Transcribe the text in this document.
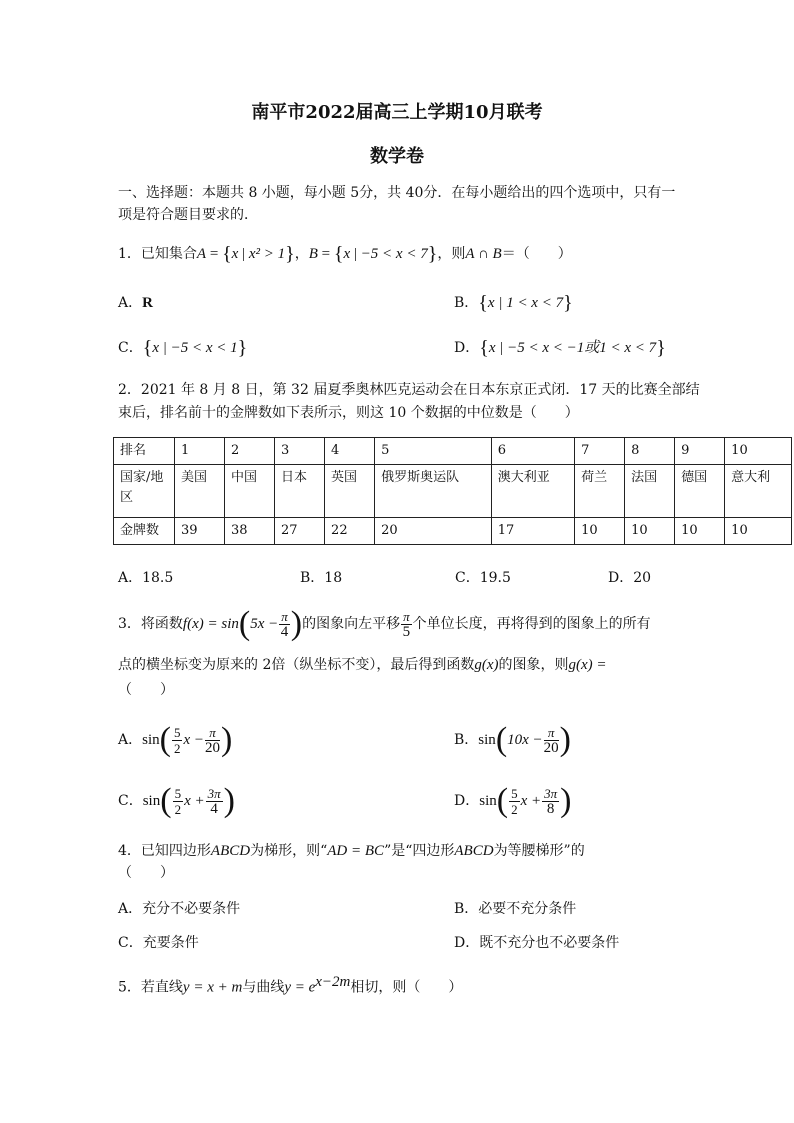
南平市2022届高三上学期10月联考
数学卷
一、选择题：本题共 8 小题，每小题 5分，共 40分．在每小题给出的四个选项中，只有一
项是符合题目要求的．
1．已知集合A = {x | x² > 1}，B = {x | −5 < x < 7}，则A ∩ B＝（　　）
A．R	B．{x | 1 < x < 7}
C．{x | −5 < x < 1}	D．{x | −5 < x < −1或1 < x < 7}
2．2021 年 8 月 8 日，第 32 届夏季奥林匹克运动会在日本东京正式闭．17 天的比赛全部结
束后，排名前十的金牌数如下表所示，则这 10 个数据的中位数是（　　）
排名	1	2	3	4	5	6	7	8	9	10
国家/地区	美国	中国	日本	英国	俄罗斯奥运队	澳大利亚	荷兰	法国	德国	意大利
金牌数	39	38	27	22	20	17	10	10	10	10
A．18.5	B．18	C．19.5	D．20
3．将函数 f(x) = sin ( $5x - \frac{\pi}{4}$ ) 的图象向左平移 $\frac{\pi}{5}$ 个单位长度，再将得到的图象上的所有
点的横坐标变为原来的 2倍（纵坐标不变），最后得到函数g(x)的图象，则g(x) =
（　　）
A． sin ( $\frac{5}{2}$ $x - \frac{\pi}{20}$ )	B． sin ( $10x - \frac{\pi}{20}$ )
C． sin ( $\frac{5}{2}$ $x + \frac{3\pi}{4}$ )	D． sin ( $\frac{5}{2}$ $x + \frac{3\pi}{8}$ )
4．已知四边形ABCD为梯形，则“AD = BC”是“四边形ABCD为等腰梯形”的
（　　）
A．充分不必要条件	B．必要不充分条件
C．充要条件	D．既不充分也不必要条件
5．若直线y = x + m与曲线$y = e^{x-2m}$相切，则（　　）
